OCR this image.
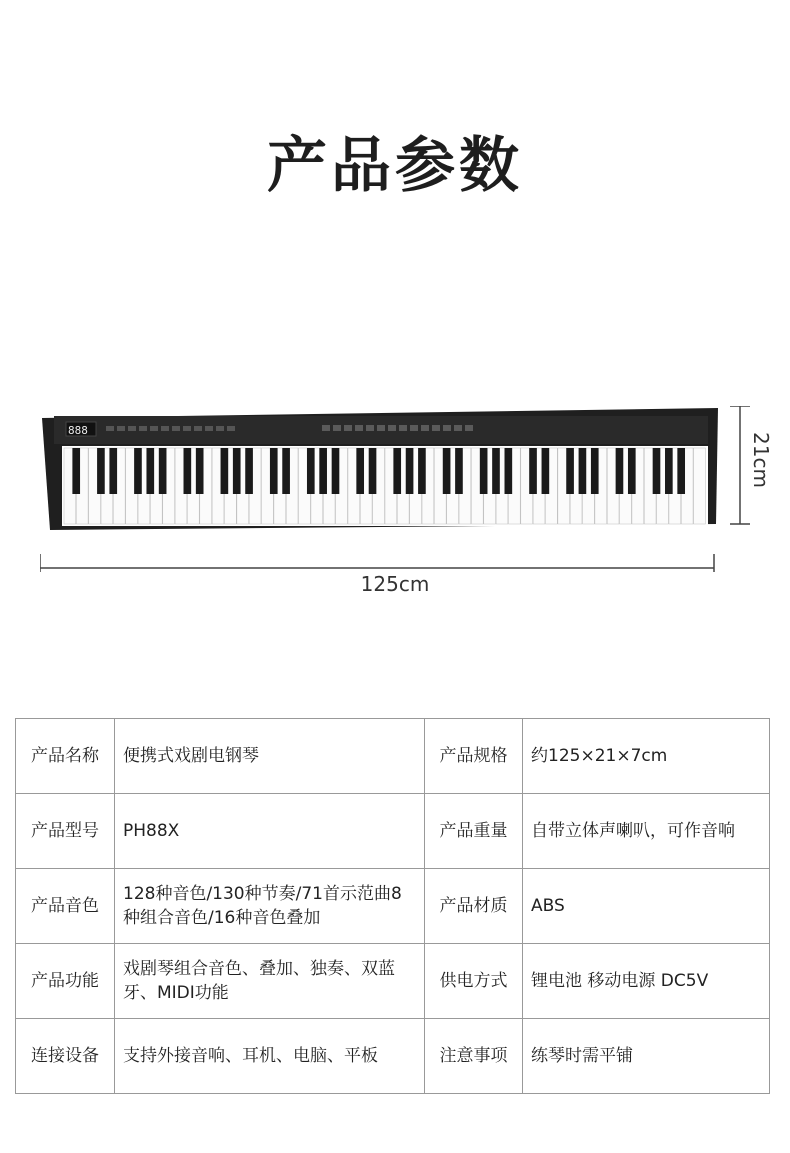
产品参数
888
21cm
125cm
产品名称	便携式戏剧电钢琴	产品规格	约125×21×7cm
产品型号	PH88X	产品重量	自带立体声喇叭，可作音响
产品音色	128种音色/130种节奏/71首示范曲8种组合音色/16种音色叠加	产品材质	ABS
产品功能	戏剧琴组合音色、叠加、独奏、双蓝牙、MIDI功能	供电方式	锂电池 移动电源 DC5V
连接设备	支持外接音响、耳机、电脑、平板	注意事项	练琴时需平铺
